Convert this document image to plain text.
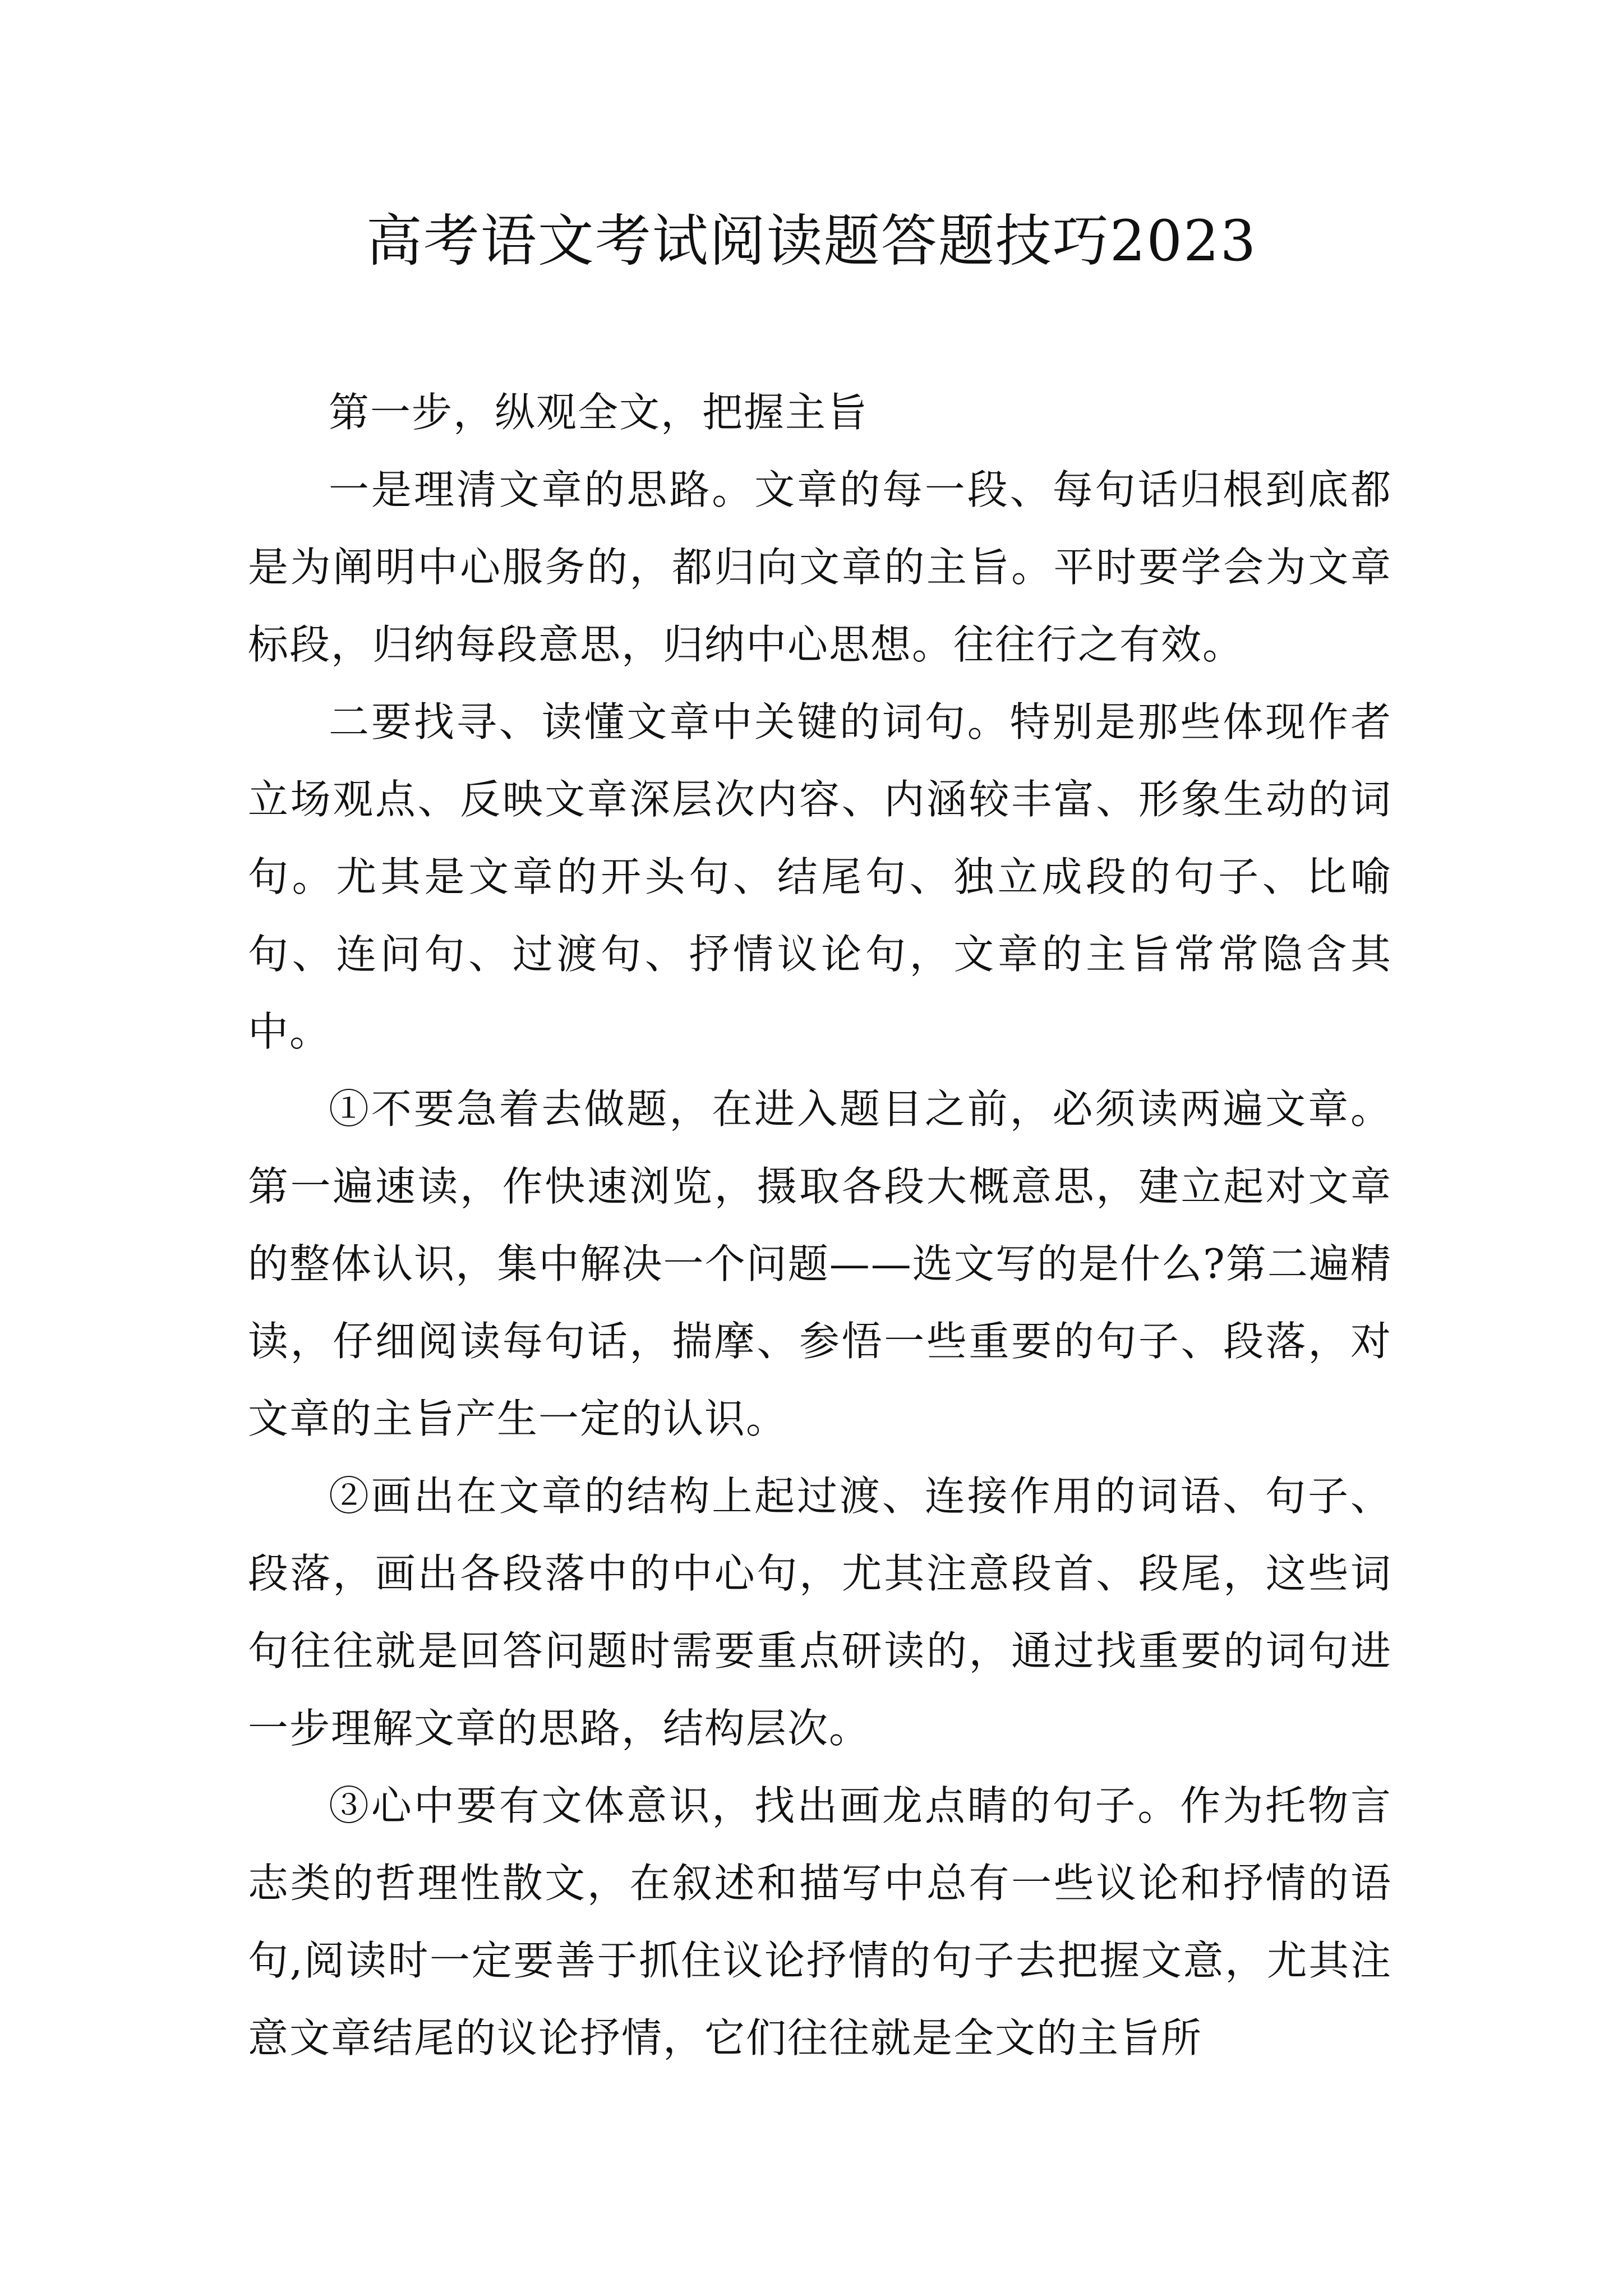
高考语文考试阅读题答题技巧2023

第一步，纵观全文，把握主旨

一是理清文章的思路。文章的每一段、每句话归根到底都是为阐明中心服务的，都归向文章的主旨。平时要学会为文章标段，归纳每段意思，归纳中心思想。往往行之有效。

二要找寻、读懂文章中关键的词句。特别是那些体现作者立场观点、反映文章深层次内容、内涵较丰富、形象生动的词句。尤其是文章的开头句、结尾句、独立成段的句子、比喻句、连问句、过渡句、抒情议论句，文章的主旨常常隐含其中。

①不要急着去做题，在进入题目之前，必须读两遍文章。第一遍速读，作快速浏览，摄取各段大概意思，建立起对文章的整体认识，集中解决一个问题——选文写的是什么?第二遍精读，仔细阅读每句话，揣摩、参悟一些重要的句子、段落，对文章的主旨产生一定的认识。

②画出在文章的结构上起过渡、连接作用的词语、句子、段落，画出各段落中的中心句，尤其注意段首、段尾，这些词句往往就是回答问题时需要重点研读的，通过找重要的词句进一步理解文章的思路，结构层次。

③心中要有文体意识，找出画龙点睛的句子。作为托物言志类的哲理性散文，在叙述和描写中总有一些议论和抒情的语句,阅读时一定要善于抓住议论抒情的句子去把握文意，尤其注意文章结尾的议论抒情，它们往往就是全文的主旨所
